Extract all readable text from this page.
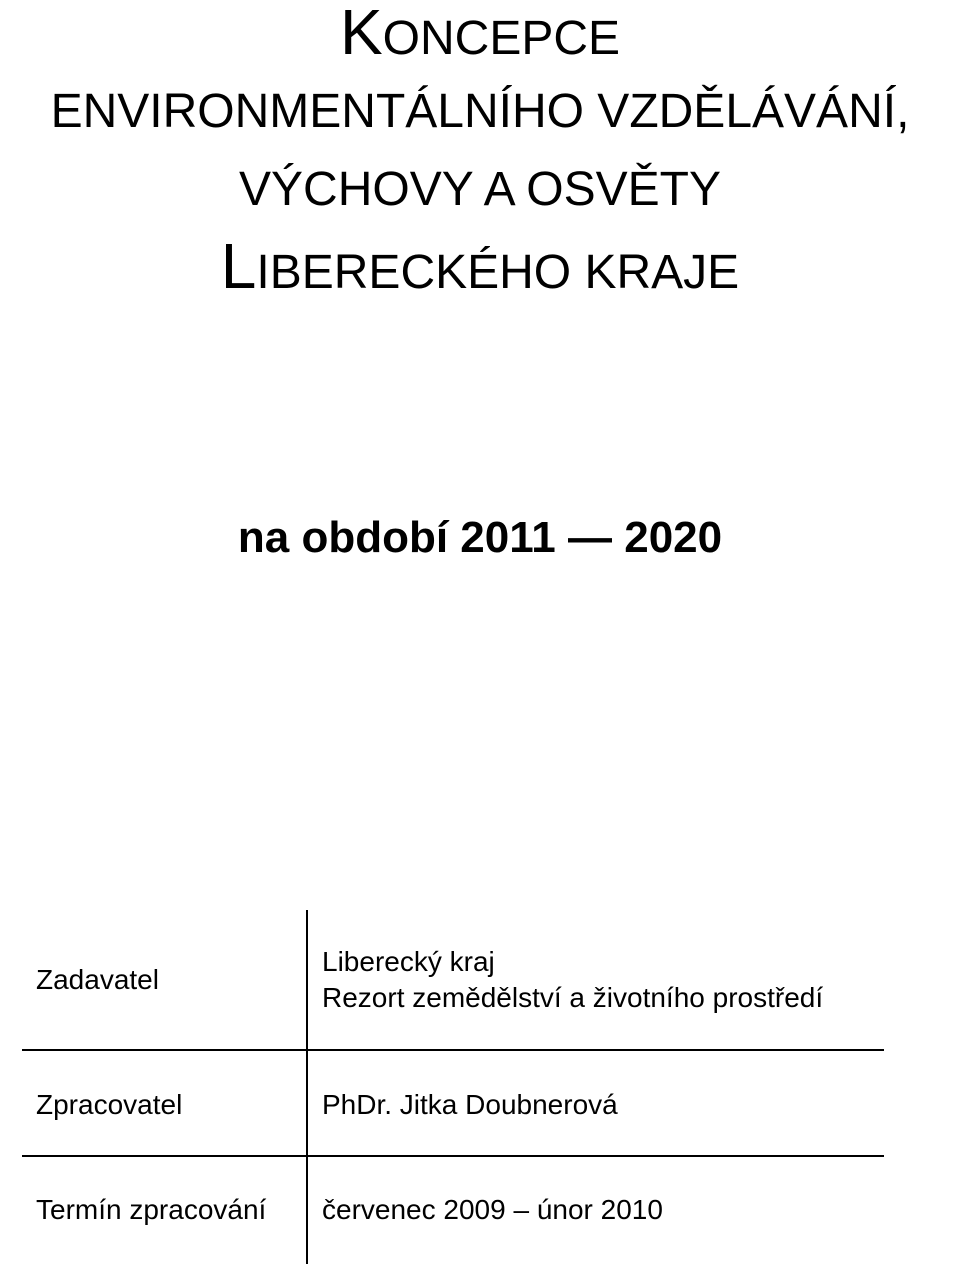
KONCEPCE
ENVIRONMENTÁLNÍHO VZDĚLÁVÁNÍ,
VÝCHOVY A OSVĚTY
LIBERECKÉHO KRAJE
na období 2011 — 2020
Zadavatel
Liberecký kraj
Rezort zemědělství a životního prostředí
Zpracovatel	PhDr. Jitka Doubnerová
Termín zpracování červenec 2009 – únor 2010
